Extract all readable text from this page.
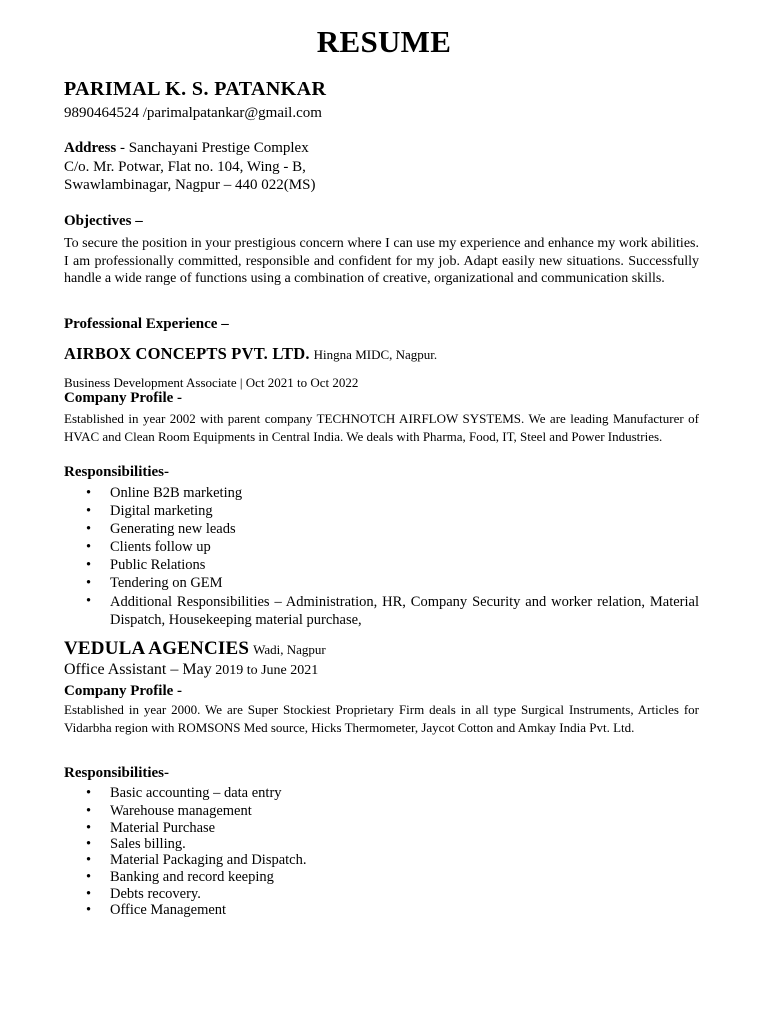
RESUME
PARIMAL K. S. PATANKAR
9890464524 /parimalpatankar@gmail.com
Address - Sanchayani Prestige Complex
C/o. Mr. Potwar, Flat no. 104, Wing - B,
Swawlambinagar, Nagpur – 440 022(MS)
Objectives –
To secure the position in your prestigious concern where I can use my experience and enhance my work abilities. I am professionally committed, responsible and confident for my job. Adapt easily new situations. Successfully handle a wide range of functions using a combination of creative, organizational and communication skills.
Professional Experience –
AIRBOX CONCEPTS PVT. LTD. Hingna MIDC, Nagpur.
Business Development Associate | Oct 2021 to Oct 2022
Company Profile -
Established in year 2002 with parent company TECHNOTCH AIRFLOW SYSTEMS. We are leading Manufacturer of HVAC and Clean Room Equipments in Central India. We deals with Pharma, Food, IT, Steel and Power Industries.
Responsibilities-
• Online B2B marketing
• Digital marketing
• Generating new leads
• Clients follow up
• Public Relations
• Tendering on GEM
•	Additional Responsibilities – Administration, HR, Company Security and worker relation, Material Dispatch, Housekeeping material purchase,
VEDULA AGENCIES Wadi, Nagpur
Office Assistant – May 2019 to June 2021
Company Profile -
Established in year 2000. We are Super Stockiest Proprietary Firm deals in all type Surgical Instruments, Articles for Vidarbha region with ROMSONS Med source, Hicks Thermometer, Jaycot Cotton and Amkay India Pvt. Ltd.
Responsibilities-
• Basic accounting – data entry
• Warehouse management
• Material Purchase
• Sales billing.
• Material Packaging and Dispatch.
• Banking and record keeping
• Debts recovery.
• Office Management
